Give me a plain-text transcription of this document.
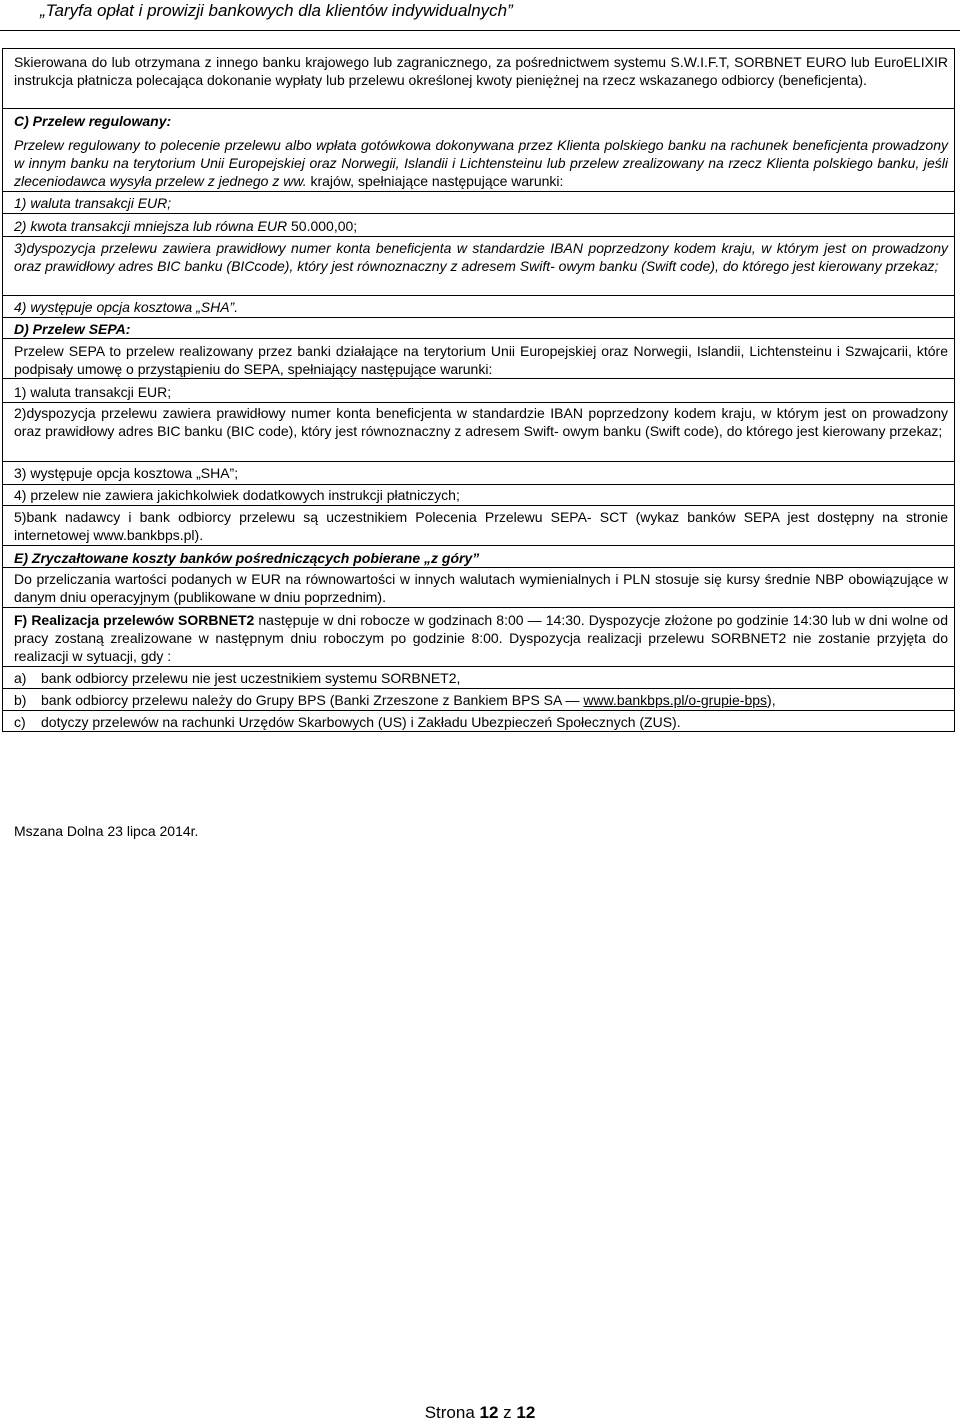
„Taryfa opłat i prowizji bankowych dla klientów indywidualnych”
Skierowana do lub otrzymana z innego banku krajowego lub zagranicznego, za pośrednictwem systemu S.W.I.F.T, SORBNET EURO lub EuroELIXIR instrukcja płatnicza polecająca dokonanie wypłaty lub przelewu określonej kwoty pieniężnej na rzecz wskazanego odbiorcy (beneficjenta).
C) Przelew regulowany:
Przelew regulowany to polecenie przelewu albo wpłata gotówkowa dokonywana przez Klienta polskiego banku na rachunek beneficjenta prowadzony w innym banku na terytorium Unii Europejskiej oraz Norwegii, Islandii i Lichtensteinu lub przelew zrealizowany na rzecz Klienta polskiego banku, jeśli zleceniodawca wysyła przelew z jednego z ww. krajów, spełniające następujące warunki:
1) waluta transakcji EUR;
2) kwota transakcji mniejsza lub równa EUR 50.000,00;
3)dyspozycja przelewu zawiera prawidłowy numer konta beneficjenta w standardzie IBAN poprzedzony kodem kraju, w którym jest on prowadzony oraz prawidłowy adres BIC banku (BICcode), który jest równoznaczny z adresem Swift- owym banku (Swift code), do którego jest kierowany przekaz;
4) występuje opcja kosztowa „SHA”.
D) Przelew SEPA:
Przelew SEPA to przelew realizowany przez banki działające na terytorium Unii Europejskiej oraz Norwegii, Islandii, Lichtensteinu i Szwajcarii, które podpisały umowę o przystąpieniu do SEPA, spełniający następujące warunki:
1) waluta transakcji EUR;
2)dyspozycja przelewu zawiera prawidłowy numer konta beneficjenta w standardzie IBAN poprzedzony kodem kraju, w którym jest on prowadzony oraz prawidłowy adres BIC banku (BIC code), który jest równoznaczny z adresem Swift- owym banku (Swift code), do którego jest kierowany przekaz;
3) występuje opcja kosztowa „SHA”;
4) przelew nie zawiera jakichkolwiek dodatkowych instrukcji płatniczych;
5)bank nadawcy i bank odbiorcy przelewu są uczestnikiem Polecenia Przelewu SEPA- SCT (wykaz banków SEPA jest dostępny na stronie internetowej www.bankbps.pl).
E) Zryczałtowane koszty banków pośredniczących pobierane „z góry”
Do przeliczania wartości podanych w EUR na równowartości w innych walutach wymienialnych i PLN stosuje się kursy średnie NBP obowiązujące w danym dniu operacyjnym (publikowane w dniu poprzednim).
F) Realizacja przelewów SORBNET2 następuje w dni robocze w godzinach 8:00 — 14:30. Dyspozycje złożone po godzinie 14:30 lub w dni wolne od pracy zostaną zrealizowane w następnym dniu roboczym po godzinie 8:00. Dyspozycja realizacji przelewu SORBNET2 nie zostanie przyjęta do realizacji w sytuacji, gdy :
a) bank odbiorcy przelewu nie jest uczestnikiem systemu SORBNET2,
b) bank odbiorcy przelewu należy do Grupy BPS (Banki Zrzeszone z Bankiem BPS SA — www.bankbps.pl/o-grupie-bps),
c) dotyczy przelewów na rachunki Urzędów Skarbowych (US) i Zakładu Ubezpieczeń Społecznych (ZUS).
Mszana Dolna 23 lipca 2014r.
Strona 12 z 12
